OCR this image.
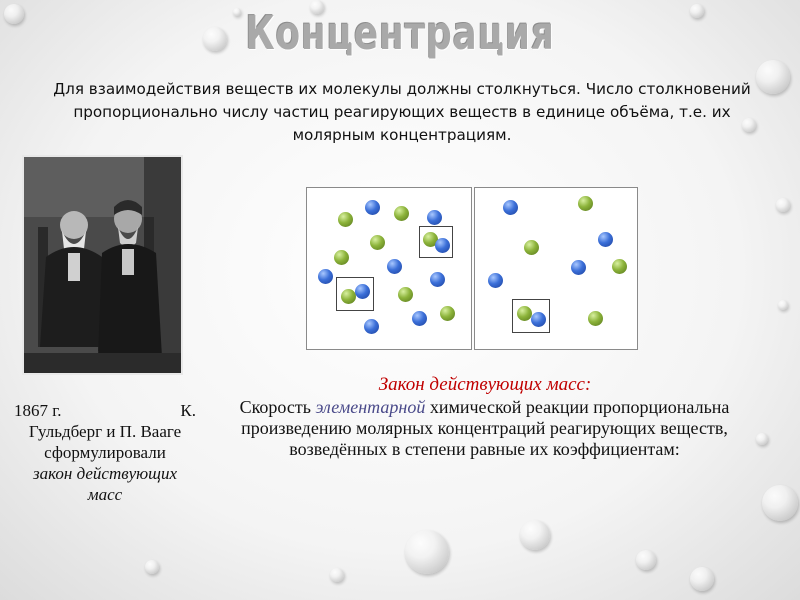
Концентрация
Для взаимодействия веществ их молекулы должны столкнуться. Число столкновений пропорционально числу частиц реагирующих веществ в единице объёма, т.е. их молярным концентрациям.
1867 г.	К.
Гульдберг и П. Вааге сформулировали
закон действующих масс
Закон действующих масс:
Скорость элементарной химической реакции пропорциональна произведению молярных концентраций реагирующих веществ, возведённых в степени равные их коэффициентам:
